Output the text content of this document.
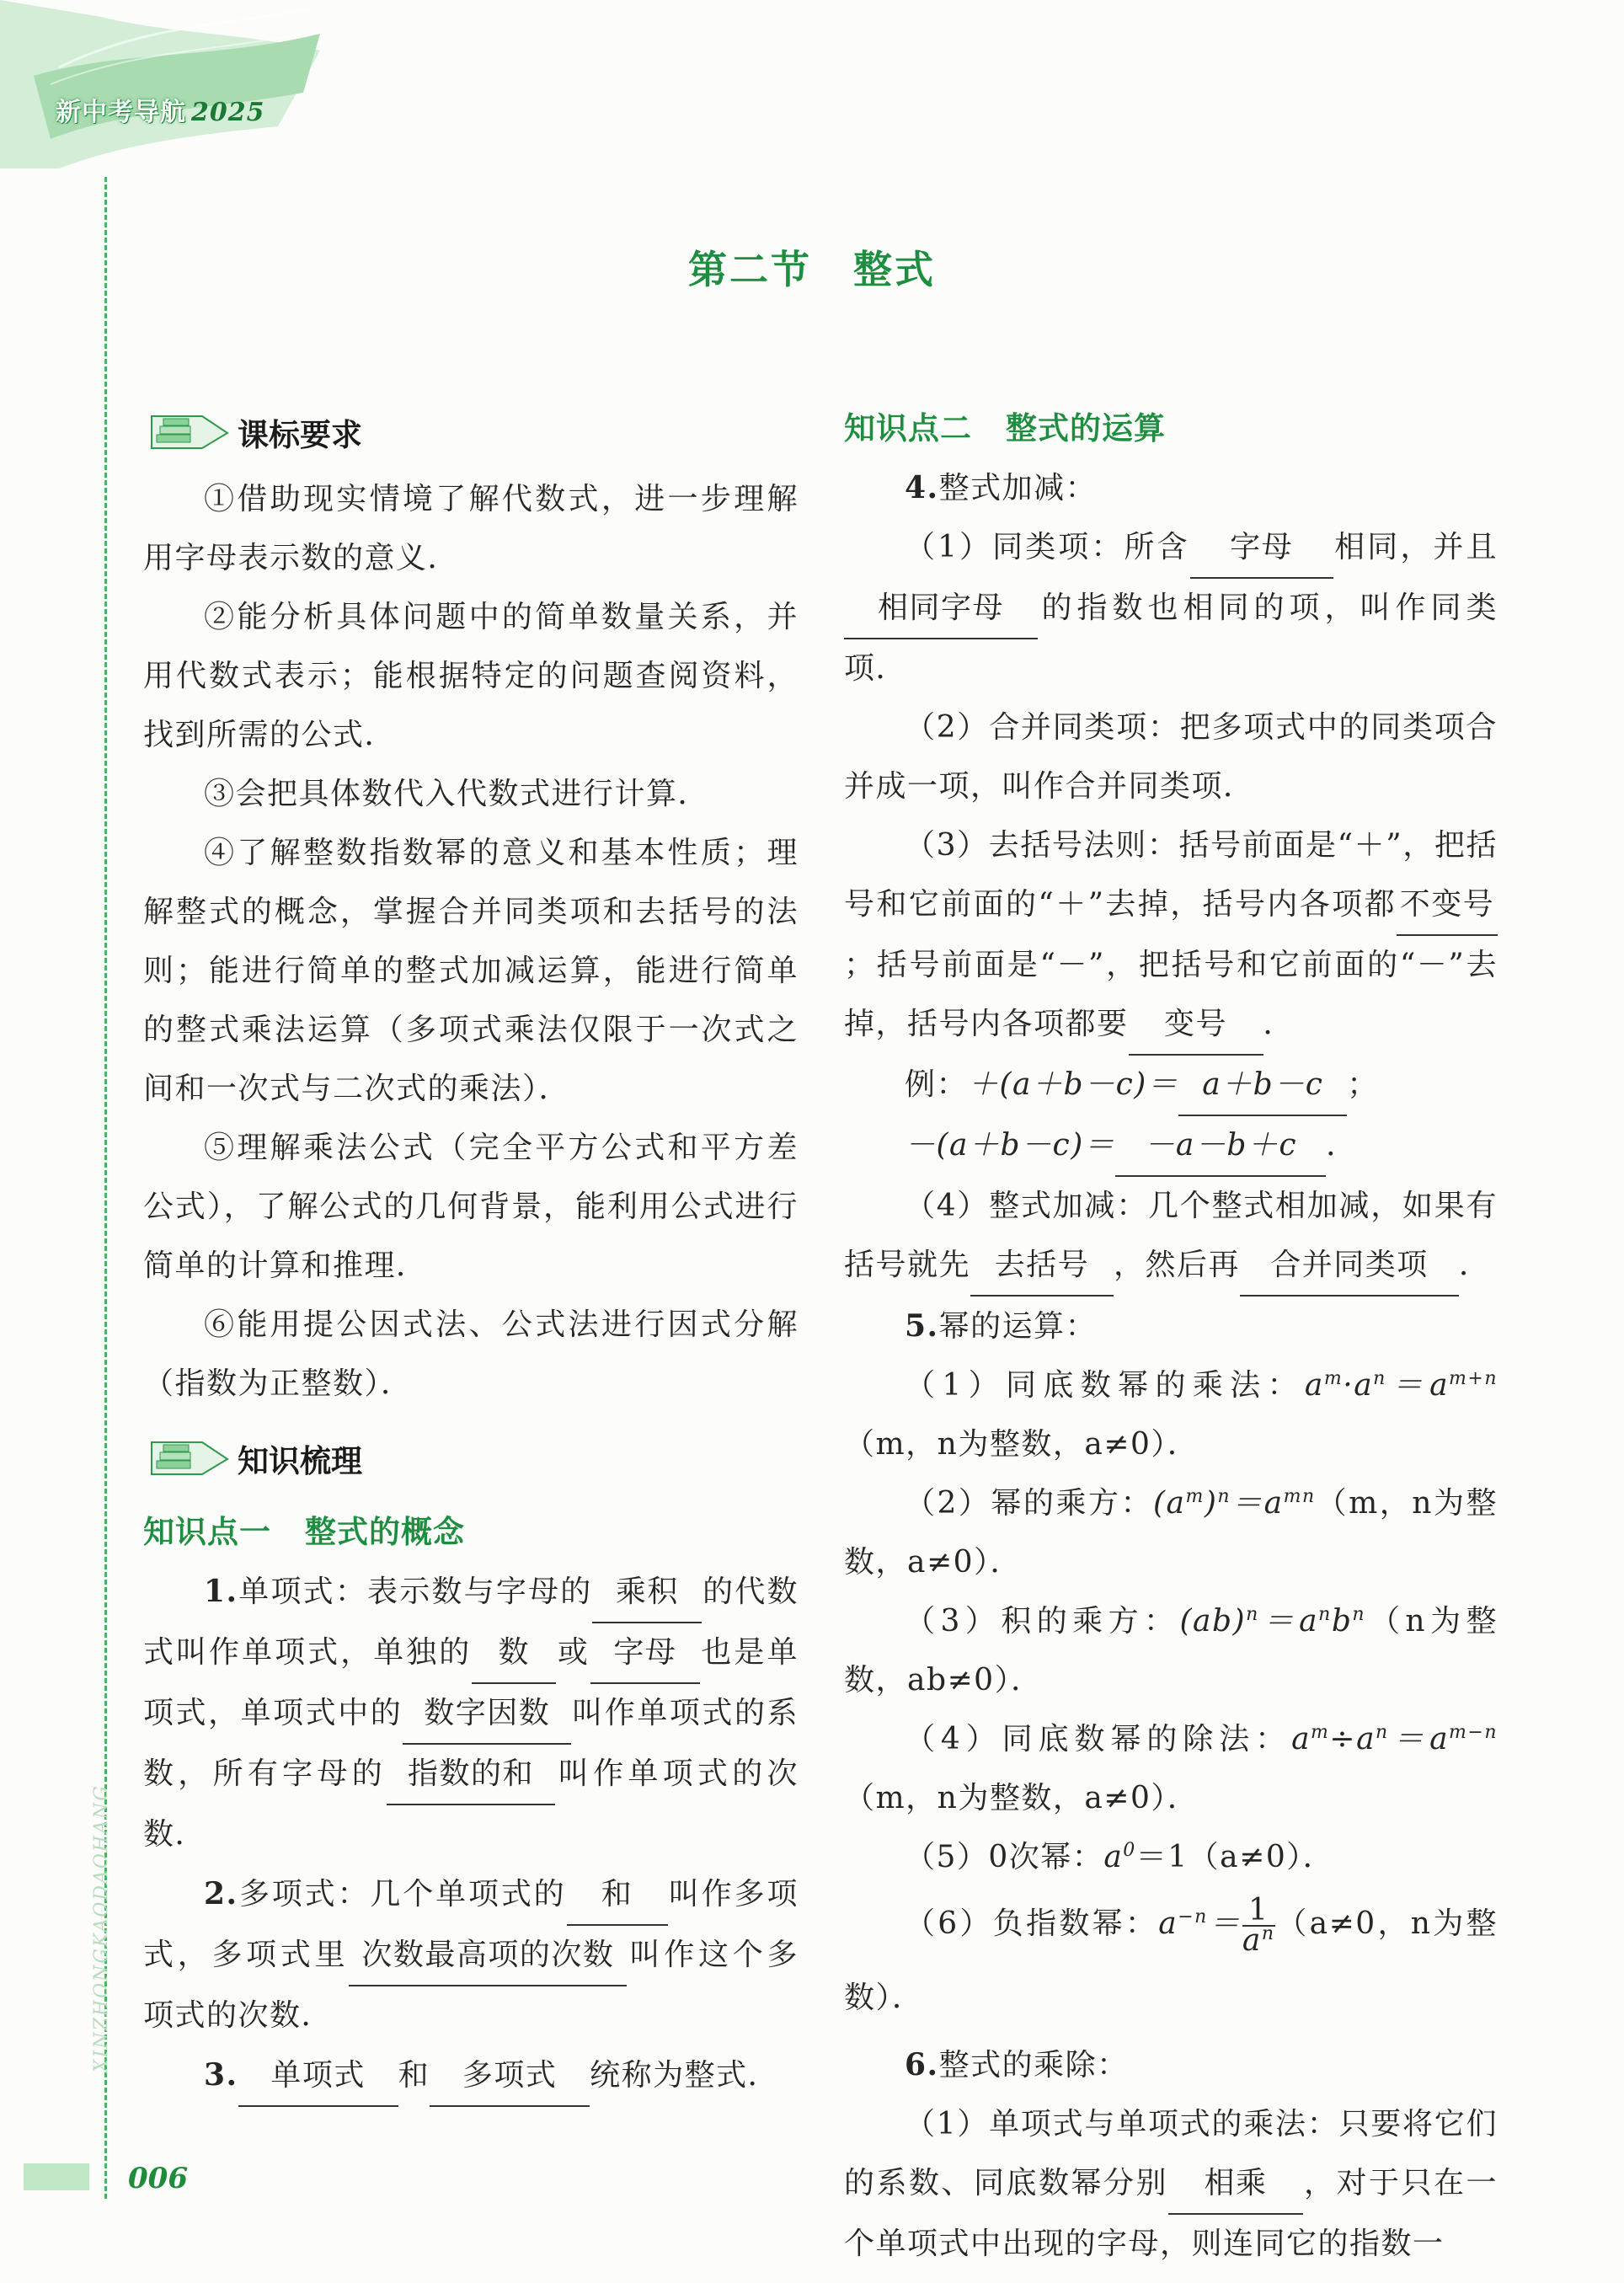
新中考导航 2025
XINZHONGKAODAOHANG
006
第二节　整式
课标要求

①借助现实情境了解代数式，进一步理解用字母表示数的意义．

②能分析具体问题中的简单数量关系，并用代数式表示；能根据特定的问题查阅资料，找到所需的公式．

③会把具体数代入代数式进行计算．

④了解整数指数幂的意义和基本性质；理解整式的概念，掌握合并同类项和去括号的法则；能进行简单的整式加减运算，能进行简单的整式乘法运算（多项式乘法仅限于一次式之间和一次式与二次式的乘法）．

⑤理解乘法公式（完全平方公式和平方差公式），了解公式的几何背景，能利用公式进行简单的计算和推理．

⑥能用提公因式法、公式法进行因式分解（指数为正整数）．

知识梳理
知识点一 整式的概念

1.单项式：表示数与字母的 乘积 的代数式叫作单项式，单独的 数 或 字母 也是单项式，单项式中的 数字因数 叫作单项式的系数，所有字母的 指数的和 叫作单项式的次数．

2.多项式：几个单项式的 和 叫作多项式，多项式里 次数最高项的次数 叫作这个多项式的次数．

3. 单项式 和 多项式 统称为整式．

知识点二 整式的运算

4.整式加减：

（1）同类项：所含 字母 相同，并且相同字母 的指数也相同的项，叫作同类项．

（2）合并同类项：把多项式中的同类项合并成一项，叫作合并同类项．

（3）去括号法则：括号前面是“＋”，把括号和它前面的“＋”去掉，括号内各项都 不变号；括号前面是“－”，把括号和它前面的“－”去掉，括号内各项都要 变号 ．

例：＋(a＋b－c)＝ a＋b－c ；

－(a＋b－c)＝ －a－b＋c ．

（4）整式加减：几个整式相加减，如果有括号就先 去括号 ，然后再 合并同类项 ．

5.幂的运算：

（1）同底数幂的乘法：$a^m\cdot a^n=a^{m+n}(m$，n为整数，a≠0）．

（2）幂的乘方：$(a^m)^n=a^{mn}(m$，n为整数，a≠0）．

（3）积的乘方：$(ab)^n=a^nb^n(n$为整数，ab≠0）．

（4）同底数幂的除法：$a^m\div a^n=a^{m-n}(m$，n为整数，a≠0）．

（5）0次幂：$a^0=1(a\ne 0)$．

（6）负指数幂：$a^{-n}= \frac{1}{a^n}(a\ne 0$，n为整数）．

6.整式的乘除：

（1）单项式与单项式的乘法：只要将它们的系数、同底数幂分别 相乘 ，对于只在一个单项式中出现的字母，则连同它的指数一
